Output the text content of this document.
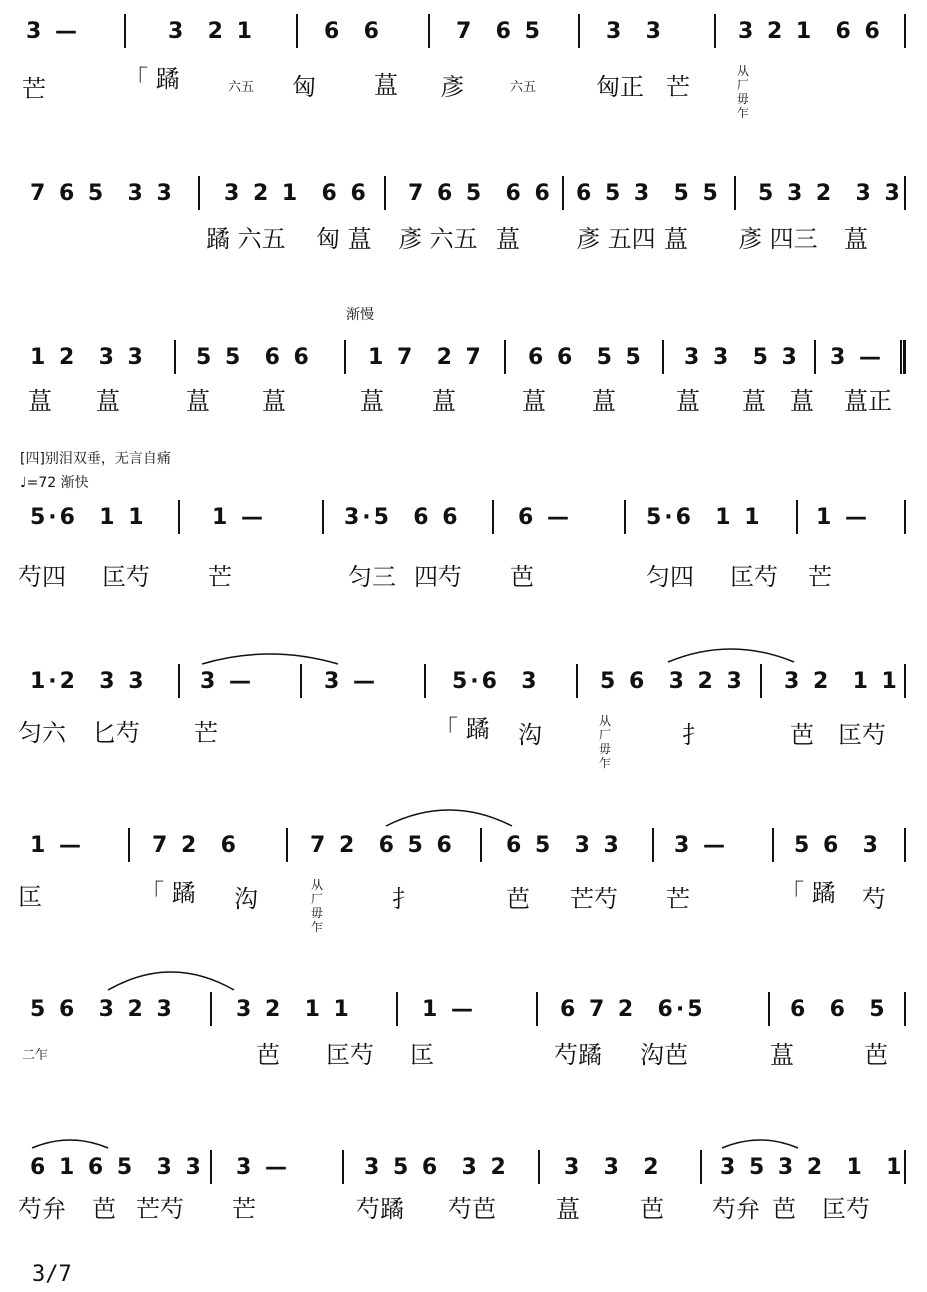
3 —	3  2 1	6  6	7  6 5	3  3	3 2 1  6 6
芒	「 蹫	六五 匈 蒀 彥	六五 匈正 芒
从厂毋乍
7 6 5  3 3 3 2 1  6 6 7 6 5  6 6 6 5 3  5 5 5 3 2  3 3
蹫 六五 匈 蒀 彥 六五 蒀 彥 五四 蒀 彥 四三 蒀
渐慢
1 2  3 3 5 5  6 6	1 7  2 7 6 6  5 5 3 3  5 3 3 —
蒀 蒀	蒀 蒀	蒀 蒀	蒀 蒀	蒀 蒀 蒀 蒀正
[四]别泪双垂，无言自痛
♩=72 渐快
5·6  1 1	1 —	3·5  6 6	6 —	5·6  1 1 1 —
芍四 匞芍 芒	匀三 四芍 芭	匀四 匞芍 芒
1·2  3 3 3 —	3 —	5·6  3	5 6  3 2 3 3 2  1 1
匀六 匕芍 芒	「 蹫 沟	从厂毋乍
扌	芭 匞芍
1 —	7 2  6	7 2  6 5 6 6 5  3 3 3 —	5 6  3
匞	「 蹫 沟	从厂毋乍
扌	芭 芒芍 芒	「 蹫 芍
5 6  3 2 3	3 2  1 1	1 —	6 7 2  6·5	6  6  5
二乍	芭 匞芍 匞	芍蹫 沟芭	蒀	芭
6 1 6 5  3 3 3 —	3 5 6  3 2	3  3  2	3 5 3 2  1  1
芍弁 芭 芒芍 芒	芍蹫 芍芭	蒀	芭 芍弁 芭 匞芍
3/7
